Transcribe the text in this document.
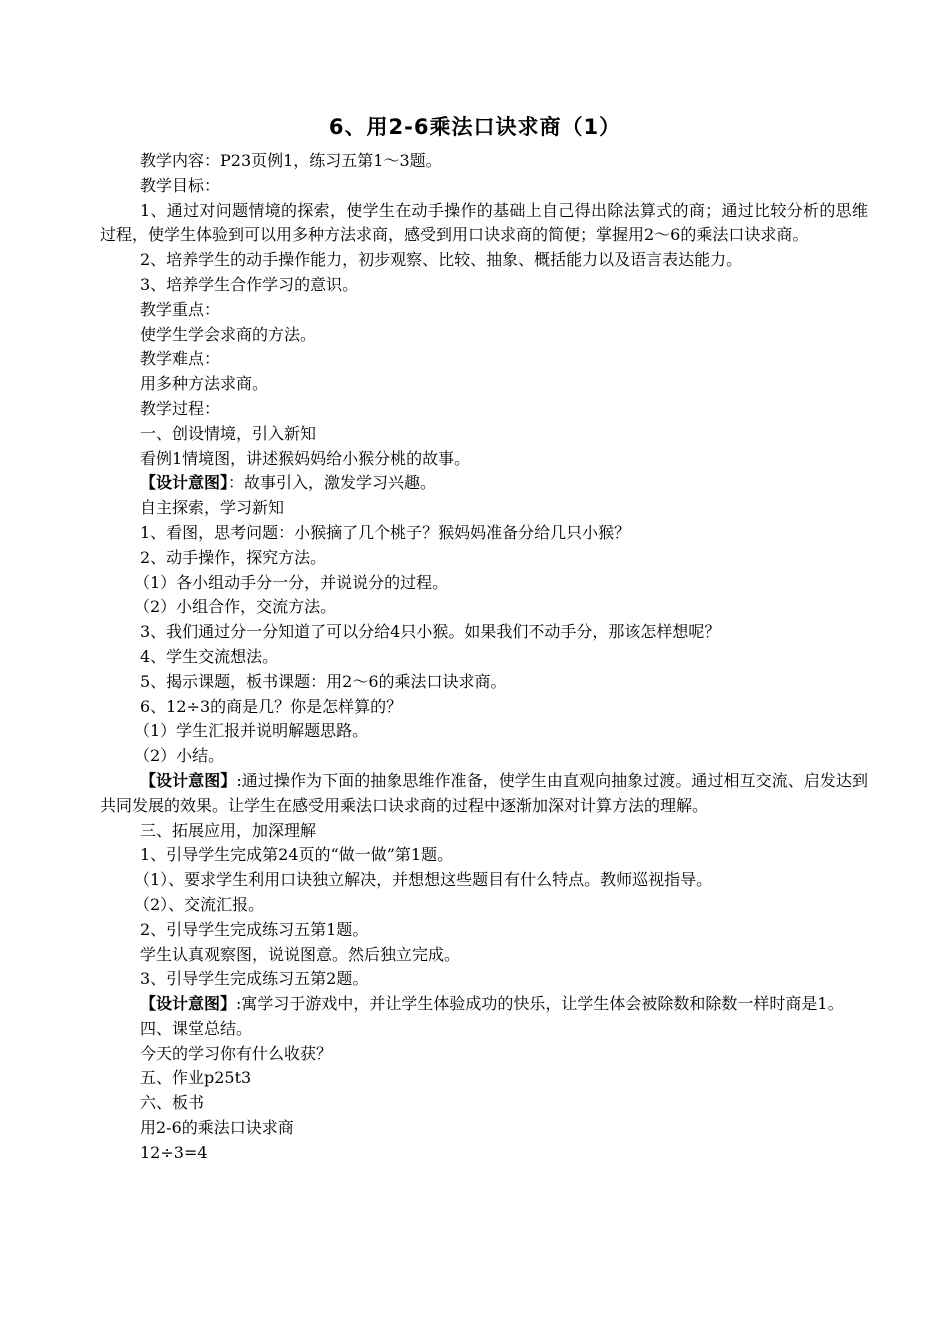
6、用2-6乘法口诀求商（1）

教学内容：P23页例1，练习五第1～3题。

教学目标：

1、通过对问题情境的探索，使学生在动手操作的基础上自己得出除法算式的商；通过比较分析的思维过程，使学生体验到可以用多种方法求商，感受到用口诀求商的简便；掌握用2～6的乘法口诀求商。

2、培养学生的动手操作能力，初步观察、比较、抽象、概括能力以及语言表达能力。

3、培养学生合作学习的意识。

教学重点：

使学生学会求商的方法。

教学难点：

用多种方法求商。

教学过程：

一、创设情境，引入新知

看例1情境图，讲述猴妈妈给小猴分桃的故事。

【设计意图】：故事引入，激发学习兴趣。

自主探索，学习新知

1、看图，思考问题：小猴摘了几个桃子？猴妈妈准备分给几只小猴？

2、动手操作，探究方法。

（1）各小组动手分一分，并说说分的过程。

（2）小组合作，交流方法。

3、我们通过分一分知道了可以分给4只小猴。如果我们不动手分，那该怎样想呢？

4、学生交流想法。

5、揭示课题，板书课题：用2～6的乘法口诀求商。

6、12÷3的商是几？你是怎样算的？

（1）学生汇报并说明解题思路。

（2）小结。

【设计意图】:通过操作为下面的抽象思维作准备，使学生由直观向抽象过渡。通过相互交流、启发达到共同发展的效果。让学生在感受用乘法口诀求商的过程中逐渐加深对计算方法的理解。

三、拓展应用，加深理解

1、引导学生完成第24页的“做一做”第1题。

（1）、要求学生利用口诀独立解决，并想想这些题目有什么特点。教师巡视指导。

（2）、交流汇报。

2、引导学生完成练习五第1题。

学生认真观察图，说说图意。然后独立完成。

3、引导学生完成练习五第2题。

【设计意图】:寓学习于游戏中，并让学生体验成功的快乐，让学生体会被除数和除数一样时商是1。

四、课堂总结。

今天的学习你有什么收获？

五、作业p25t3

六、板书

用2-6的乘法口诀求商

12÷3=4
